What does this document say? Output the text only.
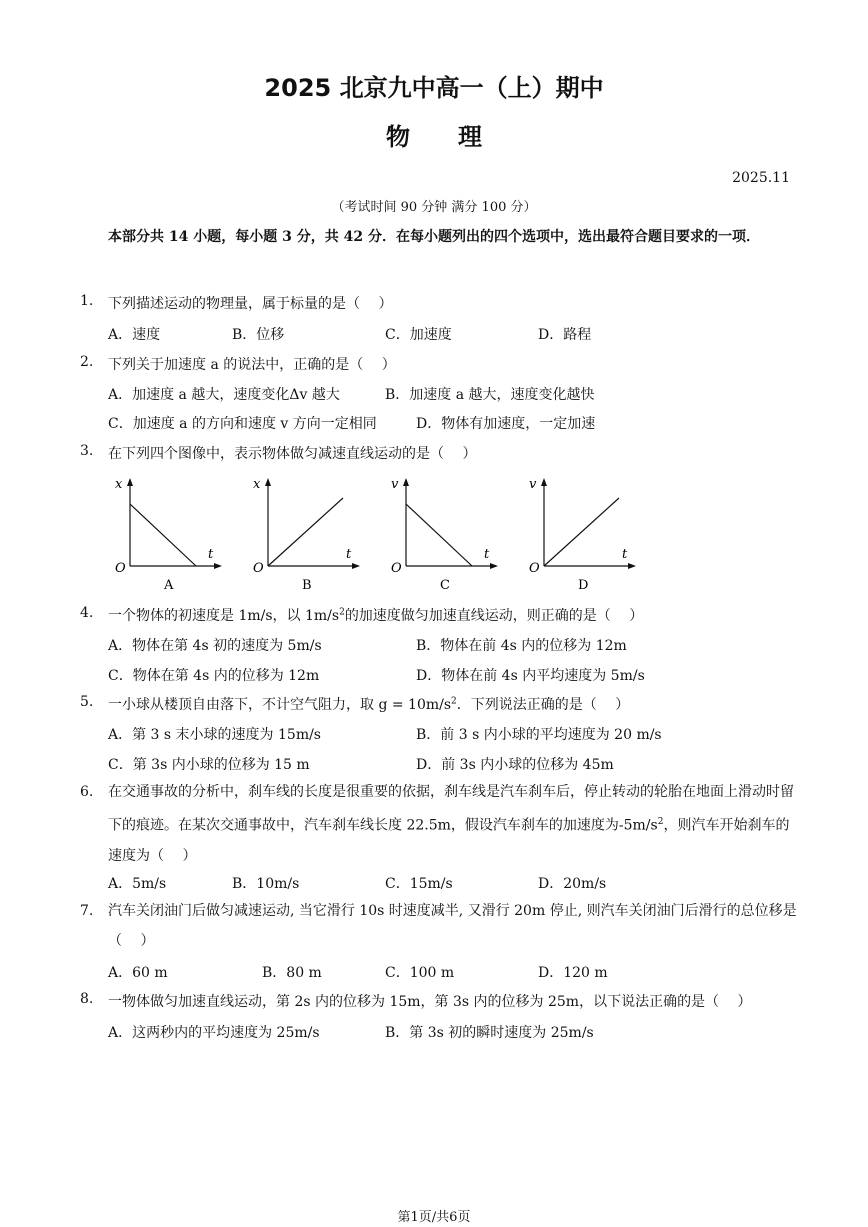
2025 北京九中高一（上）期中
物　　理
2025.11
（考试时间 90 分钟 满分 100 分）
本部分共 14 小题，每小题 3 分，共 42 分．在每小题列出的四个选项中，选出最符合题目要求的一项．
1. 下列描述运动的物理量，属于标量的是（　 ）
A．速度	B．位移	C．加速度	D．路程
2. 下列关于加速度 a 的说法中，正确的是（　 ）
A．加速度 a 越大，速度变化Δv 越大	B．加速度 a 越大，速度变化越快
C．加速度 a 的方向和速度 v 方向一定相同	D．物体有加速度，一定加速
3. 在下列四个图像中，表示物体做匀减速直线运动的是（　 ）
x
t
O
A
x
t
O
B
v
t
O
C
v
t
O
D
4. 一个物体的初速度是 1m/s，以 $1m/s^2$的加速度做匀加速直线运动，则正确的是（　 ）
A．物体在第 4s 初的速度为 5m/s	B．物体在前 4s 内的位移为 12m
C．物体在第 4s 内的位移为 12m	D．物体在前 4s 内平均速度为 5m/s
5. 一小球从楼顶自由落下，不计空气阻力，取 $g = 10m/s^2$．下列说法正确的是（　 ）
A．第 3 s 末小球的速度为 15m/s	B．前 3 s 内小球的平均速度为 20 m/s
C．第 3s 内小球的位移为 15 m	D．前 3s 内小球的位移为 45m
6. 在交通事故的分析中，刹车线的长度是很重要的依据，刹车线是汽车刹车后，停止转动的轮胎在地面上滑动时留下的痕迹。在某次交通事故中，汽车刹车线长度 22.5m，假设汽车刹车的加速度为$-5m/s^2$，则汽车开始刹车的速度为（　 ）
A．5m/s	B．10m/s	C．15m/s	D．20m/s
7. 汽车关闭油门后做匀减速运动, 当它滑行 10s 时速度减半, 又滑行 20m 停止, 则汽车关闭油门后滑行的总位移是（　 ）
A．60 m	B．80 m	C．100 m	D．120 m
8. 一物体做匀加速直线运动，第 2s 内的位移为 15m，第 3s 内的位移为 25m，以下说法正确的是（　 ）
A．这两秒内的平均速度为 25m/s	B．第 3s 初的瞬时速度为 25m/s
第1页/共6页
